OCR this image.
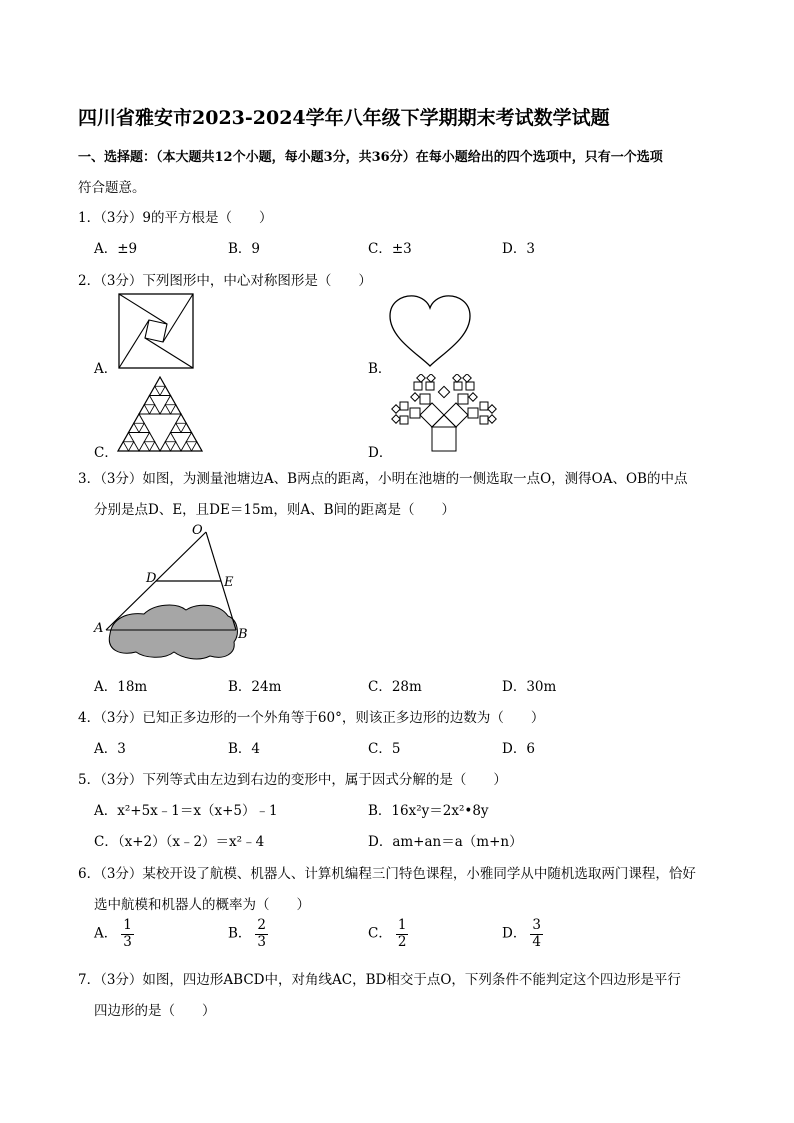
四川省雅安市2023-2024学年八年级下学期期末考试数学试题
一、选择题：（本大题共12个小题，每小题3分，共36分）在每小题给出的四个选项中，只有一个选项
符合题意。
1．（3分）9的平方根是（　　）
A．±9	B．9	C．±3	D．3
2．（3分）下列图形中，中心对称图形是（　　）
A．	B．
C．	D．
3．（3分）如图，为测量池塘边A、B两点的距离，小明在池塘的一侧选取一点O，测得OA、OB的中点
分别是点D、E，且DE＝15m，则A、B间的距离是（　　）
O
D	E
A	B
A．18m	B．24m	C．28m	D．30m
4．（3分）已知正多边形的一个外角等于60°，则该正多边形的边数为（　　）
A．3	B．4	C．5	D．6
5．（3分）下列等式由左边到右边的变形中，属于因式分解的是（　　）
A．x²+5x﹣1＝x（x+5）﹣1	B．16x²y＝2x²•8y
C．（x+2）（x﹣2）＝x²﹣4	D．am+an＝a（m+n）
6．（3分）某校开设了航模、机器人、计算机编程三门特色课程，小雅同学从中随机选取两门课程，恰好
选中航模和机器人的概率为（　　）
A． $\frac{1}{3}$	B． $\frac{2}{3}$	C． $\frac{1}{2}$	D． $\frac{3}{4}$
7．（3分）如图，四边形ABCD中，对角线AC，BD相交于点O，下列条件不能判定这个四边形是平行
四边形的是（　　）
